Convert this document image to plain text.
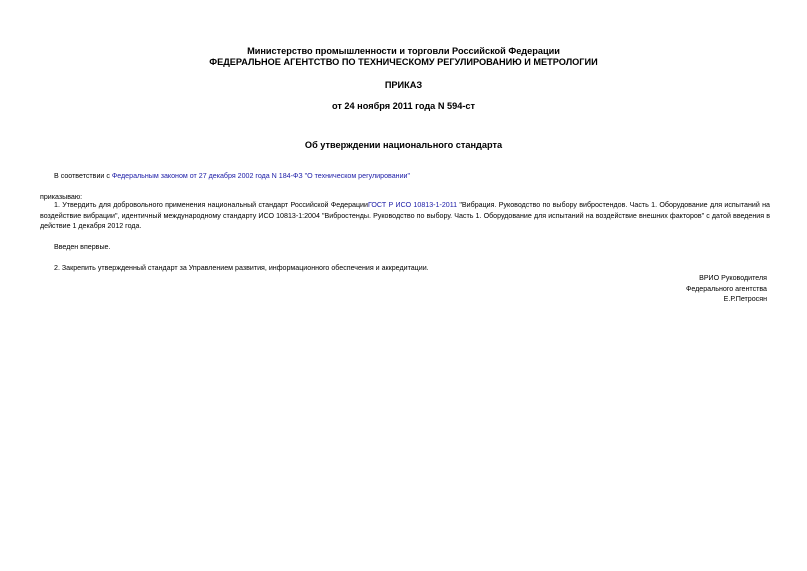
Министерство промышленности и торговли Российской Федерации
ФЕДЕРАЛЬНОЕ АГЕНТСТВО ПО ТЕХНИЧЕСКОМУ РЕГУЛИРОВАНИЮ И МЕТРОЛОГИИ
ПРИКАЗ
от 24 ноября 2011 года N 594-ст
Об утверждении национального стандарта
В соответствии с Федеральным законом от 27 декабря 2002 года N 184-ФЗ "О техническом регулировании"
приказываю:
1. Утвердить для добровольного применения национальный стандарт Российской ФедерацииГОСТ Р ИСО 10813-1-2011 "Вибрация. Руководство по выбору вибростендов. Часть 1. Оборудование для испытаний на воздействие вибрации", идентичный международному стандарту ИСО 10813-1:2004 "Вибростенды. Руководство по выбору. Часть 1. Оборудование для испытаний на воздействие внешних факторов" с датой введения в действие 1 декабря 2012 года.
Введен впервые.
2. Закрепить утвержденный стандарт за Управлением развития, информационного обеспечения и аккредитации.
ВРИО Руководителя
Федерального агентства
Е.Р.Петросян
